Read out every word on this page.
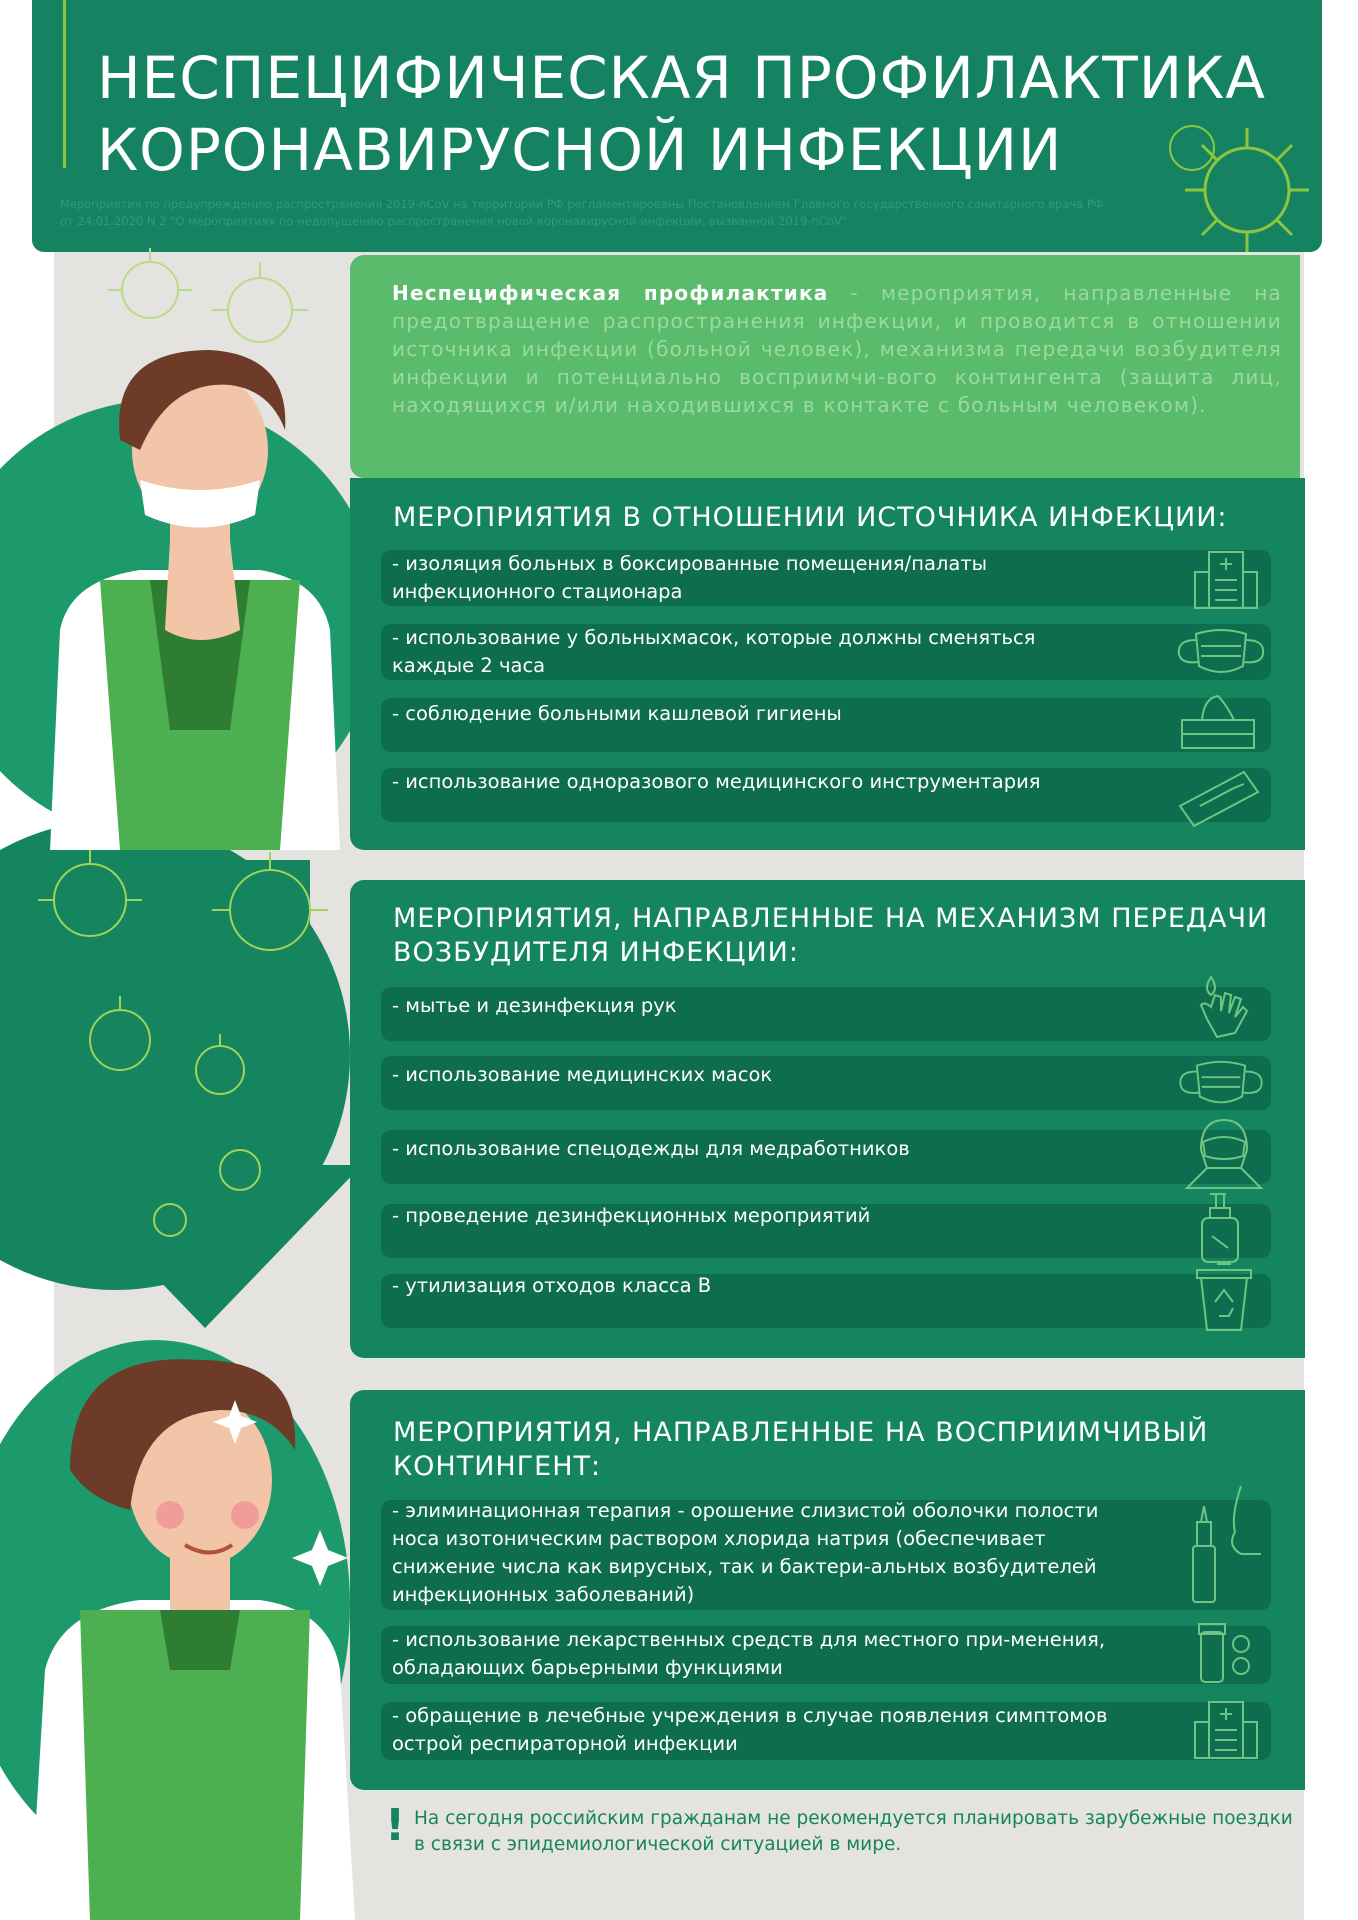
НЕСПЕЦИФИЧЕСКАЯ ПРОФИЛАКТИКА
КОРОНАВИРУСНОЙ ИНФЕКЦИИ
Мероприятия по предупреждению распространения 2019-nCoV на территории РФ регламентированы Постановлением Главного государственного санитарного врача РФ от 24.01.2020 N 2 "О мероприятиях по недопущению распространения новой коронавирусной инфекции, вызванной 2019-nCoV"

Неспецифическая профилактика - мероприятия, направленные на предотвращение распространения инфекции, и проводится в отношении источника инфекции (больной человек), механизма передачи возбудителя инфекции и потенциально восприимчи-вого контингента (защита лиц, находящихся и/или находившихся в контакте с больным человеком).

МЕРОПРИЯТИЯ В ОТНОШЕНИИ ИСТОЧНИКА ИНФЕКЦИИ:
- изоляция больных в боксированные помещения/палаты инфекционного стационара
- использование у больныхмасок, которые должны сменяться каждые 2 часа
- соблюдение больными кашлевой гигиены
- использование одноразового медицинского инструментария
МЕРОПРИЯТИЯ, НАПРАВЛЕННЫЕ НА МЕХАНИЗМ ПЕРЕДАЧИ ВОЗБУДИТЕЛЯ ИНФЕКЦИИ:
- мытье и дезинфекция рук
- использование медицинских масок
- использование спецодежды для медработников
- проведение дезинфекционных мероприятий
- утилизация отходов класса В
МЕРОПРИЯТИЯ, НАПРАВЛЕННЫЕ НА ВОСПРИИМЧИВЫЙ КОНТИНГЕНТ:
- элиминационная терапия - орошение слизистой оболочки полости носа изотоническим раствором хлорида натрия (обеспечивает снижение числа как вирусных, так и бактери-альных возбудителей инфекционных заболеваний)
- использование лекарственных средств для местного при-менения, обладающих барьерными функциями
- обращение в лечебные учреждения в случае появления симптомов острой респираторной инфекции
! На сегодня российским гражданам не рекомендуется планировать зарубежные поездки в связи с эпидемиологической ситуацией в мире.
